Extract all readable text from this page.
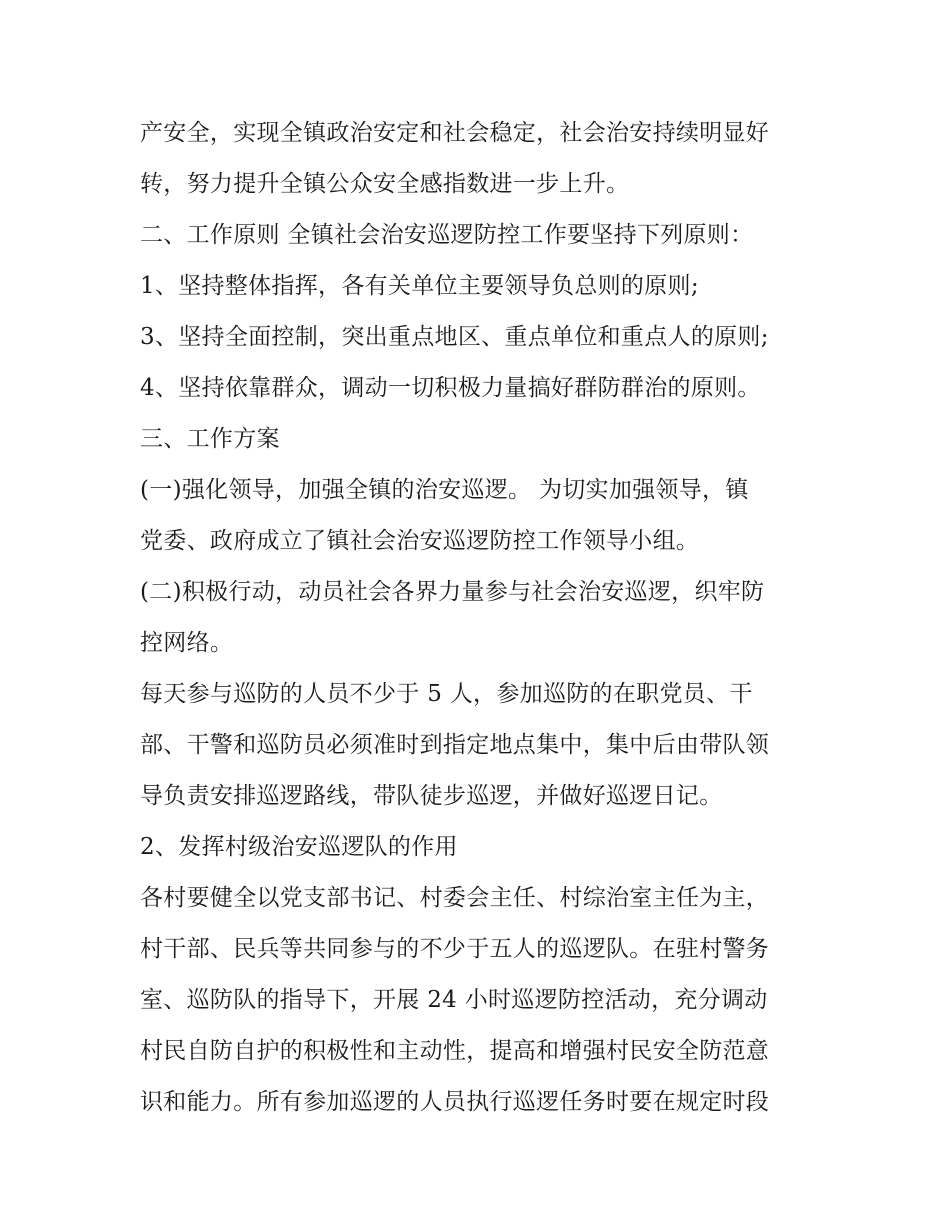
产安全，实现全镇政治安定和社会稳定，社会治安持续明显好
转，努力提升全镇公众安全感指数进一步上升。
二、工作原则 全镇社会治安巡逻防控工作要坚持下列原则：
1、坚持整体指挥，各有关单位主要领导负总则的原则;
3、坚持全面控制，突出重点地区、重点单位和重点人的原则;
4、坚持依靠群众，调动一切积极力量搞好群防群治的原则。
三、工作方案
(一)强化领导，加强全镇的治安巡逻。 为切实加强领导，镇
党委、政府成立了镇社会治安巡逻防控工作领导小组。
(二)积极行动，动员社会各界力量参与社会治安巡逻，织牢防
控网络。
每天参与巡防的人员不少于 5 人，参加巡防的在职党员、干
部、干警和巡防员必须准时到指定地点集中，集中后由带队领
导负责安排巡逻路线，带队徒步巡逻，并做好巡逻日记。
2、发挥村级治安巡逻队的作用
各村要健全以党支部书记、村委会主任、村综治室主任为主，
村干部、民兵等共同参与的不少于五人的巡逻队。在驻村警务
室、巡防队的指导下，开展 24 小时巡逻防控活动，充分调动
村民自防自护的积极性和主动性，提高和增强村民安全防范意
识和能力。所有参加巡逻的人员执行巡逻任务时要在规定时段
